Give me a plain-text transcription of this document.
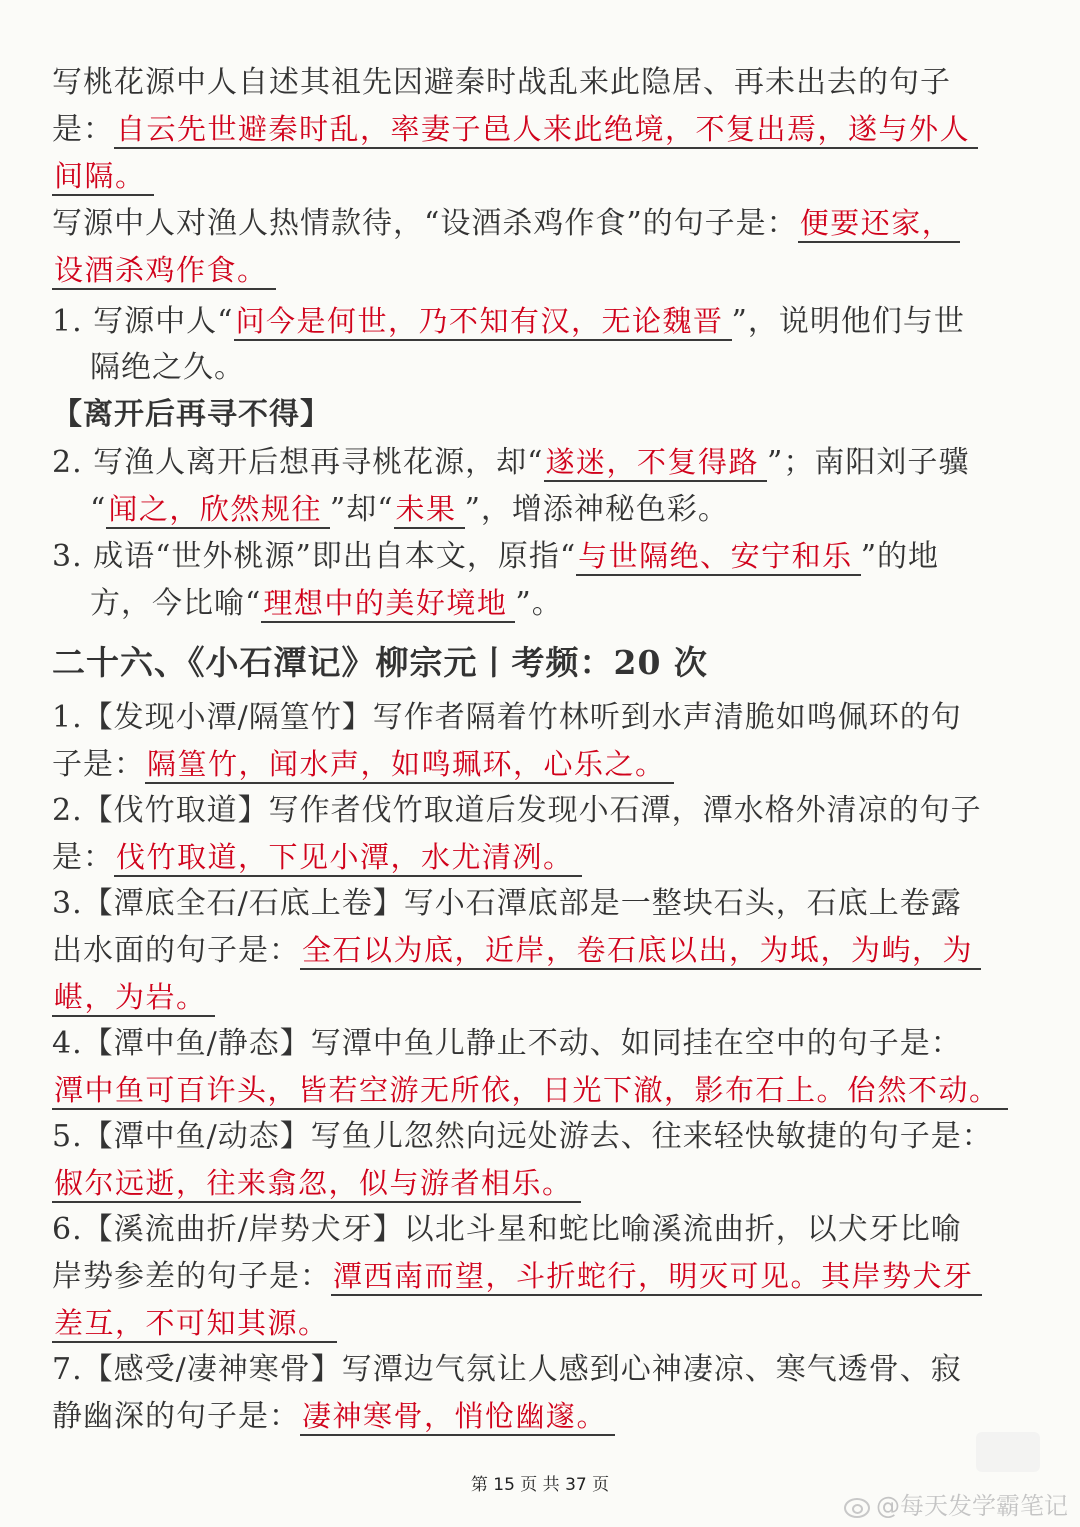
写桃花源中人自述其祖先因避秦时战乱来此隐居、再未出去的句子
是：自云先世避秦时乱，率妻子邑人来此绝境，不复出焉，遂与外人
间隔。
写源中人对渔人热情款待，“设酒杀鸡作食”的句子是：便要还家，
设酒杀鸡作食。
1. 写源中人“问今是何世，乃不知有汉，无论魏晋 ”，说明他们与世
隔绝之久。
【离开后再寻不得】
2. 写渔人离开后想再寻桃花源，却“遂迷，不复得路 ”；南阳刘子骥
“闻之，欣然规往 ”却“未果 ”，增添神秘色彩。
3. 成语“世外桃源”即出自本文，原指“与世隔绝、安宁和乐 ”的地
方，今比喻“理想中的美好境地 ”。
二十六、《小石潭记》柳宗元丨考频：20 次
1.【发现小潭/隔篁竹】写作者隔着竹林听到水声清脆如鸣佩环的句
子是：隔篁竹，闻水声，如鸣珮环，心乐之。
2.【伐竹取道】写作者伐竹取道后发现小石潭，潭水格外清凉的句子
是：伐竹取道，下见小潭，水尤清冽。
3.【潭底全石/石底上卷】写小石潭底部是一整块石头，石底上卷露
出水面的句子是：全石以为底，近岸，卷石底以出，为坻，为屿，为
嵁，为岩。
4.【潭中鱼/静态】写潭中鱼儿静止不动、如同挂在空中的句子是：
潭中鱼可百许头，皆若空游无所依，日光下澈，影布石上。佁然不动。
5.【潭中鱼/动态】写鱼儿忽然向远处游去、往来轻快敏捷的句子是：
俶尔远逝，往来翕忽，似与游者相乐。
6.【溪流曲折/岸势犬牙】以北斗星和蛇比喻溪流曲折，以犬牙比喻
岸势参差的句子是：潭西南而望，斗折蛇行，明灭可见。其岸势犬牙
差互，不可知其源。
7.【感受/凄神寒骨】写潭边气氛让人感到心神凄凉、寒气透骨、寂
静幽深的句子是：凄神寒骨，悄怆幽邃。
第 15 页 共 37 页
@每天发学霸笔记
